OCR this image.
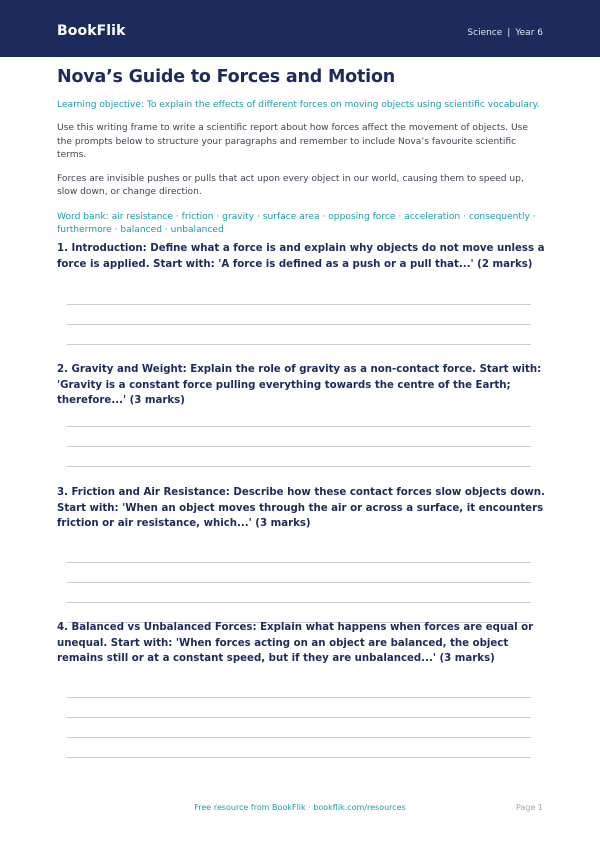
BookFlik	Science | Year 6
Nova’s Guide to Forces and Motion
Learning objective: To explain the effects of different forces on moving objects using scientific vocabulary.
Use this writing frame to write a scientific report about how forces affect the movement of objects. Use the prompts below to structure your paragraphs and remember to include Nova’s favourite scientific terms.
Forces are invisible pushes or pulls that act upon every object in our world, causing them to speed up, slow down, or change direction.
Word bank: air resistance · friction · gravity · surface area · opposing force · acceleration · consequently · furthermore · balanced · unbalanced
1. Introduction: Define what a force is and explain why objects do not move unless a force is applied. Start with: 'A force is defined as a push or a pull that...' (2 marks)
2. Gravity and Weight: Explain the role of gravity as a non-contact force. Start with: 'Gravity is a constant force pulling everything towards the centre of the Earth; therefore...' (3 marks)
3. Friction and Air Resistance: Describe how these contact forces slow objects down. Start with: 'When an object moves through the air or across a surface, it encounters friction or air resistance, which...' (3 marks)
4. Balanced vs Unbalanced Forces: Explain what happens when forces are equal or unequal. Start with: 'When forces acting on an object are balanced, the object remains still or at a constant speed, but if they are unbalanced...' (3 marks)
Free resource from BookFlik · bookflik.com/resources	Page 1
